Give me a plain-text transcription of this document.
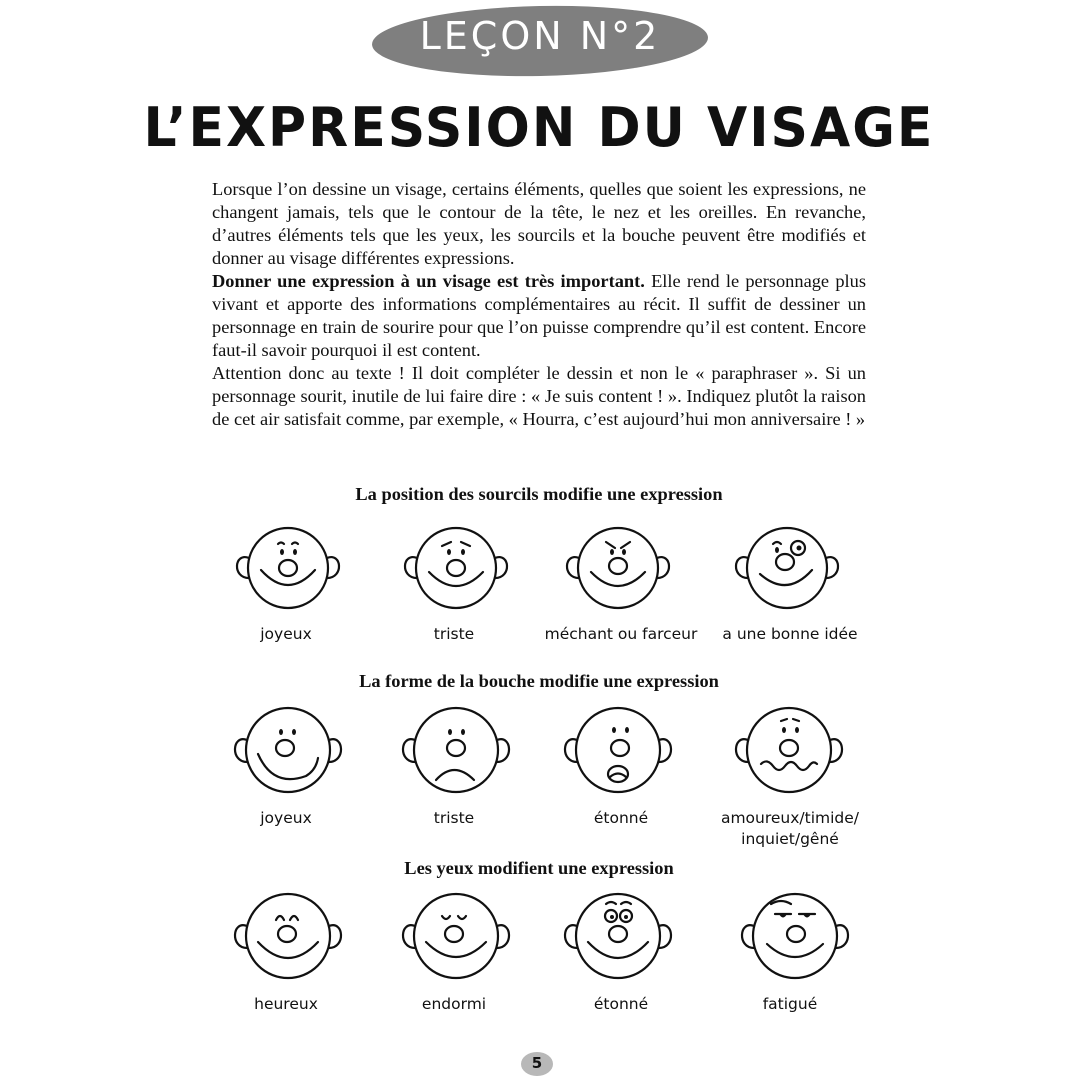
LEÇON N°2
L’EXPRESSION DU VISAGE

Lorsque l’on dessine un visage, certains éléments, quelles que soient les expressions, ne changent jamais, tels que le contour de la tête, le nez et les oreilles. En revanche, d’autres éléments tels que les yeux, les sourcils et la bouche peuvent être modifiés et donner au visage différentes expressions.

Donner une expression à un visage est très important. Elle rend le personnage plus vivant et apporte des informations complémentaires au récit. Il suffit de dessiner un personnage en train de sourire pour que l’on puisse comprendre qu’il est content. Encore faut-il savoir pourquoi il est content.

Attention donc au texte ! Il doit compléter le dessin et non le « paraphraser ». Si un personnage sourit, inutile de lui faire dire : « Je suis content ! ». Indiquez plutôt la raison de cet air satisfait comme, par exemple, « Hourra, c’est aujourd’hui mon anniversaire ! »

La position des sourcils modifie une expression
joyeux	triste	méchant ou farceur	a une bonne idée
La forme de la bouche modifie une expression
joyeux	triste	étonné	amoureux/timide/ inquiet/gêné
Les yeux modifient une expression
heureux	endormi	étonné	fatigué
5
